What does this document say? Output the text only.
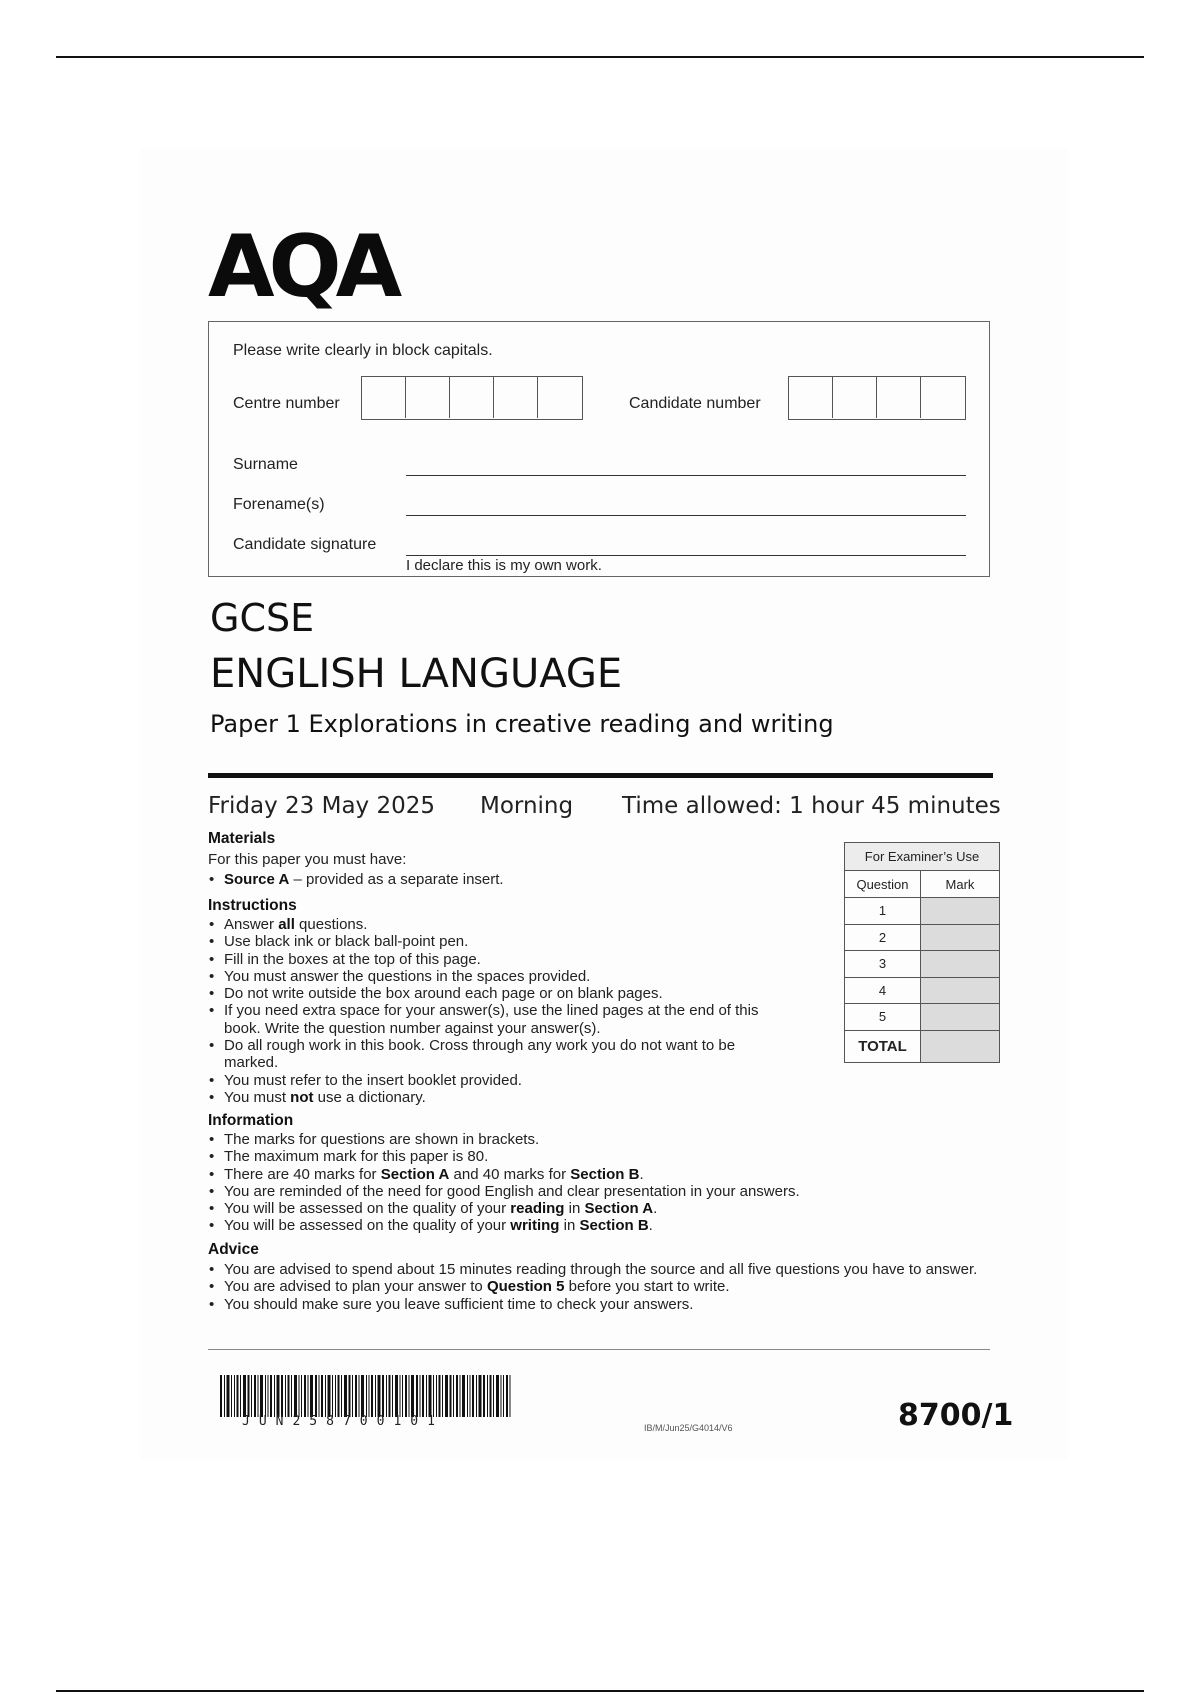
AQA
Please write clearly in block capitals.
Centre number	Candidate number
Surname
Forename(s)
Candidate signature
I declare this is my own work.
GCSE
ENGLISH LANGUAGE
Paper 1 Explorations in creative reading and writing
Friday 23 May 2025 Morning Time allowed: 1 hour 45 minutes
Materials
For this paper you must have:
• Source A – provided as a separate insert.
Instructions
• Answer all questions.
• Use black ink or black ball-point pen.
• Fill in the boxes at the top of this page.
• You must answer the questions in the spaces provided.
• Do not write outside the box around each page or on blank pages.
• If you need extra space for your answer(s), use the lined pages at the end of this book. Write the question number against your answer(s).
• Do all rough work in this book. Cross through any work you do not want to be marked.
• You must refer to the insert booklet provided.
• You must not use a dictionary.
Information
• The marks for questions are shown in brackets.
• The maximum mark for this paper is 80.
• There are 40 marks for Section A and 40 marks for Section B.
• You are reminded of the need for good English and clear presentation in your answers.
• You will be assessed on the quality of your reading in Section A.
• You will be assessed on the quality of your writing in Section B.
Advice
• You are advised to spend about 15 minutes reading through the source and all five questions you have to answer.
• You are advised to plan your answer to Question 5 before you start to write.
• You should make sure you leave sufficient time to check your answers.
For Examiner’s Use	
Question	Mark
1	
2	
3	
4	
5	
TOTAL	
JUN258700101	IB/M/Jun25/G4014/V6	8700/1
